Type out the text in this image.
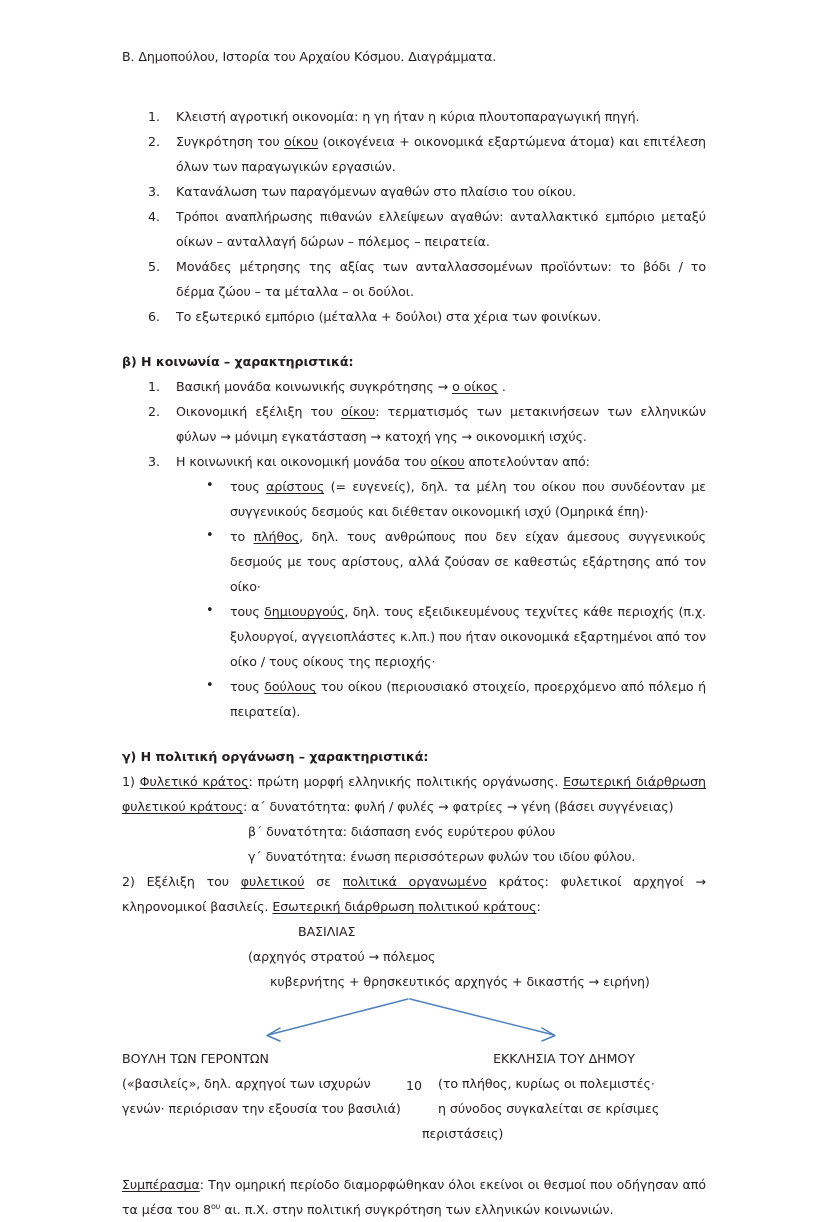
Β. Δημοπούλου, Ιστορία του Αρχαίου Κόσμου. Διαγράμματα.
Κλειστή αγροτική οικονομία: η γη ήταν η κύρια πλουτοπαραγωγική πηγή.
Συγκρότηση του οίκου (οικογένεια + οικονομικά εξαρτώμενα άτομα) και επιτέλεση όλων των παραγωγικών εργασιών.
Κατανάλωση των παραγόμενων αγαθών στο πλαίσιο του οίκου.
Τρόποι αναπλήρωσης πιθανών ελλείψεων αγαθών: ανταλλακτικό εμπόριο μεταξύ οίκων – ανταλλαγή δώρων – πόλεμος – πειρατεία.
Μονάδες μέτρησης της αξίας των ανταλλασσομένων προϊόντων: το βόδι / το δέρμα ζώου – τα μέταλλα – οι δούλοι.
Το εξωτερικό εμπόριο (μέταλλα + δούλοι) στα χέρια των φοινίκων.
β) Η κοινωνία – χαρακτηριστικά:
Βασική μονάδα κοινωνικής συγκρότησης → ο οίκος .
Οικονομική εξέλιξη του οίκου: τερματισμός των μετακινήσεων των ελληνικών φύλων → μόνιμη εγκατάσταση → κατοχή γης → οικονομική ισχύς.
Η κοινωνική και οικονομική μονάδα του οίκου αποτελούνταν από:
• τους αρίστους (= ευγενείς), δηλ. τα μέλη του οίκου που συνδέονταν με συγγενικούς δεσμούς και διέθεταν οικονομική ισχύ (Ομηρικά έπη)·
• το πλήθος, δηλ. τους ανθρώπους που δεν είχαν άμεσους συγγενικούς δεσμούς με τους αρίστους, αλλά ζούσαν σε καθεστώς εξάρτησης από τον οίκο·
• τους δημιουργούς, δηλ. τους εξειδικευμένους τεχνίτες κάθε περιοχής (π.χ. ξυλουργοί, αγγειοπλάστες κ.λπ.) που ήταν οικονομικά εξαρτημένοι από τον οίκο / τους οίκους της περιοχής·
• τους δούλους του οίκου (περιουσιακό στοιχείο, προερχόμενο από πόλεμο ή πειρατεία).
γ) Η πολιτική οργάνωση – χαρακτηριστικά:
1) Φυλετικό κράτος: πρώτη μορφή ελληνικής πολιτικής οργάνωσης. Εσωτερική διάρθρωση φυλετικού κράτους: α΄ δυνατότητα: φυλή / φυλές → φατρίες → γένη (βάσει συγγένειας)
β΄ δυνατότητα: διάσπαση ενός ευρύτερου φύλου
γ΄ δυνατότητα: ένωση περισσότερων φυλών του ιδίου φύλου.
2) Εξέλιξη του φυλετικού σε πολιτικά οργανωμένο κράτος: φυλετικοί αρχηγοί → κληρονομικοί βασιλείς. Εσωτερική διάρθρωση πολιτικού κράτους:
ΒΑΣΙΛΙΑΣ
(αρχηγός στρατού → πόλεμος
κυβερνήτης + θρησκευτικός αρχηγός + δικαστής → ειρήνη)
ΒΟΥΛΗ ΤΩΝ ΓΕΡΟΝΤΩΝ
(«βασιλείς», δηλ. αρχηγοί των ισχυρών
γενών· περιόρισαν την εξουσία του βασιλιά)
ΕΚΚΛΗΣΙΑ ΤΟΥ ΔΗΜΟΥ
(το πλήθος, κυρίως οι πολεμιστές·
η σύνοδος συγκαλείται σε κρίσιμες
περιστάσεις)
Συμπέρασμα: Την ομηρική περίοδο διαμορφώθηκαν όλοι εκείνοι οι θεσμοί που οδήγησαν από τα μέσα του $8^{o\upsilon}$ αι. π.Χ. στην πολιτική συγκρότηση των ελληνικών κοινωνιών.
10
